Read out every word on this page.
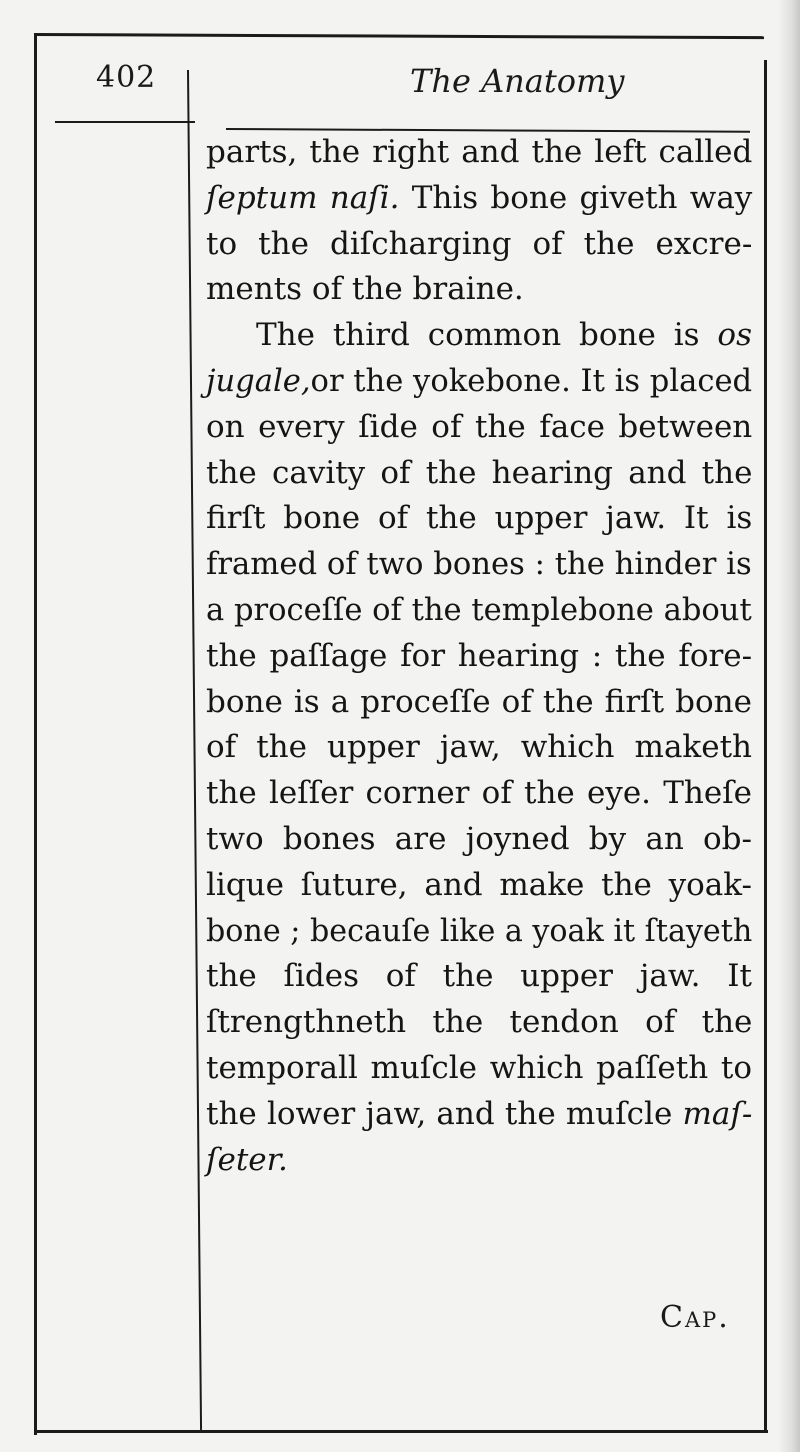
402	The Anatomy
parts, the right and the left called
ſeptum naſi. This bone giveth way
to the diſcharging of the excre-
ments of the braine.
The third common bone is os
jugale,or the yokebone. It is placed
on every ſide of the face between
the cavity of the hearing and the
firſt bone of the upper jaw. It is
framed of two bones : the hinder is
a proceſſe of the templebone about
the paſſage for hearing : the fore-
bone is a proceſſe of the firſt bone
of the upper jaw, which maketh
the leſſer corner of the eye. Theſe
two bones are joyned by an ob-
lique ſuture, and make the yoak-
bone ; becauſe like a yoak it ſtayeth
the ſides of the upper jaw. It
ſtrengthneth the tendon of the
temporall muſcle which paſſeth to
the lower jaw, and the muſcle maſ-
ſeter.
Cap.
